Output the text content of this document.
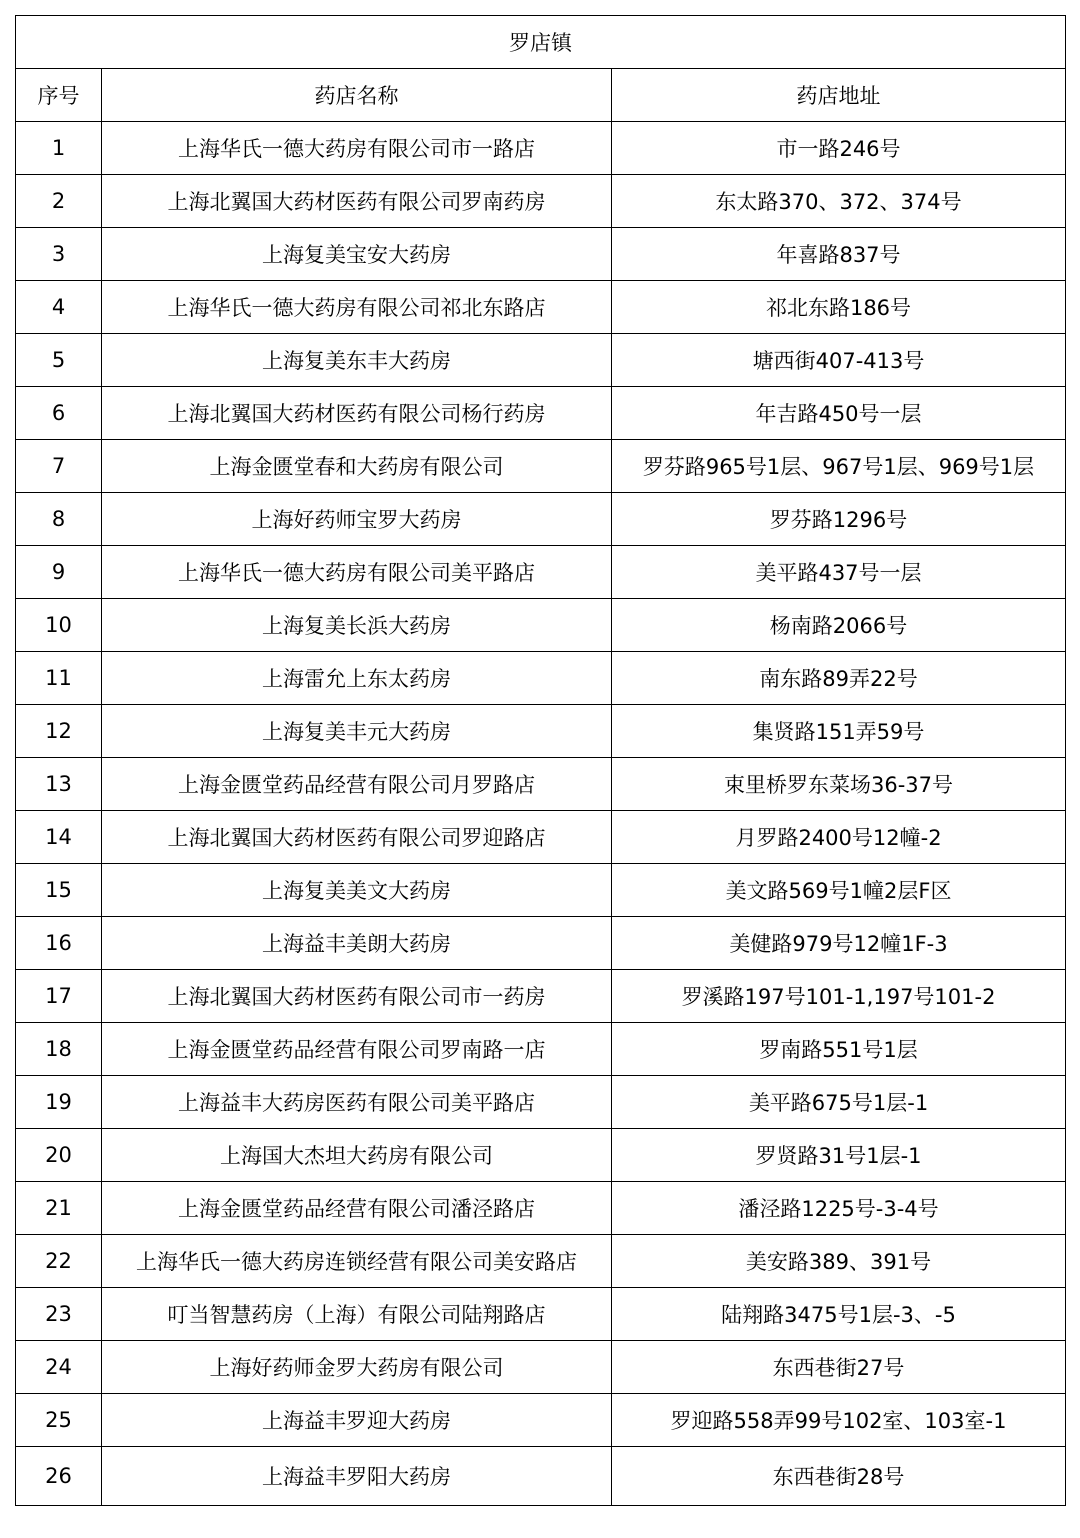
罗店镇		
序号	药店名称	药店地址
1	上海华氏一德大药房有限公司市一路店	市一路246号
2	上海北翼国大药材医药有限公司罗南药房	东太路370、372、374号
3	上海复美宝安大药房	年喜路837号
4	上海华氏一德大药房有限公司祁北东路店	祁北东路186号
5	上海复美东丰大药房	塘西街407-413号
6	上海北翼国大药材医药有限公司杨行药房	年吉路450号一层
7	上海金匮堂春和大药房有限公司	罗芬路965号1层、967号1层、969号1层
8	上海好药师宝罗大药房	罗芬路1296号
9	上海华氏一德大药房有限公司美平路店	美平路437号一层
10	上海复美长浜大药房	杨南路2066号
11	上海雷允上东太药房	南东路89弄22号
12	上海复美丰元大药房	集贤路151弄59号
13	上海金匮堂药品经营有限公司月罗路店	束里桥罗东菜场36-37号
14	上海北翼国大药材医药有限公司罗迎路店	月罗路2400号12幢-2
15	上海复美美文大药房	美文路569号1幢2层F区
16	上海益丰美朗大药房	美健路979号12幢1F-3
17	上海北翼国大药材医药有限公司市一药房	罗溪路197号101-1,197号101-2
18	上海金匮堂药品经营有限公司罗南路一店	罗南路551号1层
19	上海益丰大药房医药有限公司美平路店	美平路675号1层-1
20	上海国大杰坦大药房有限公司	罗贤路31号1层-1
21	上海金匮堂药品经营有限公司潘泾路店	潘泾路1225号-3-4号
22	上海华氏一德大药房连锁经营有限公司美安路店	美安路389、391号
23	叮当智慧药房（上海）有限公司陆翔路店	陆翔路3475号1层-3、-5
24	上海好药师金罗大药房有限公司	东西巷街27号
25	上海益丰罗迎大药房	罗迎路558弄99号102室、103室-1
26	上海益丰罗阳大药房	东西巷街28号
